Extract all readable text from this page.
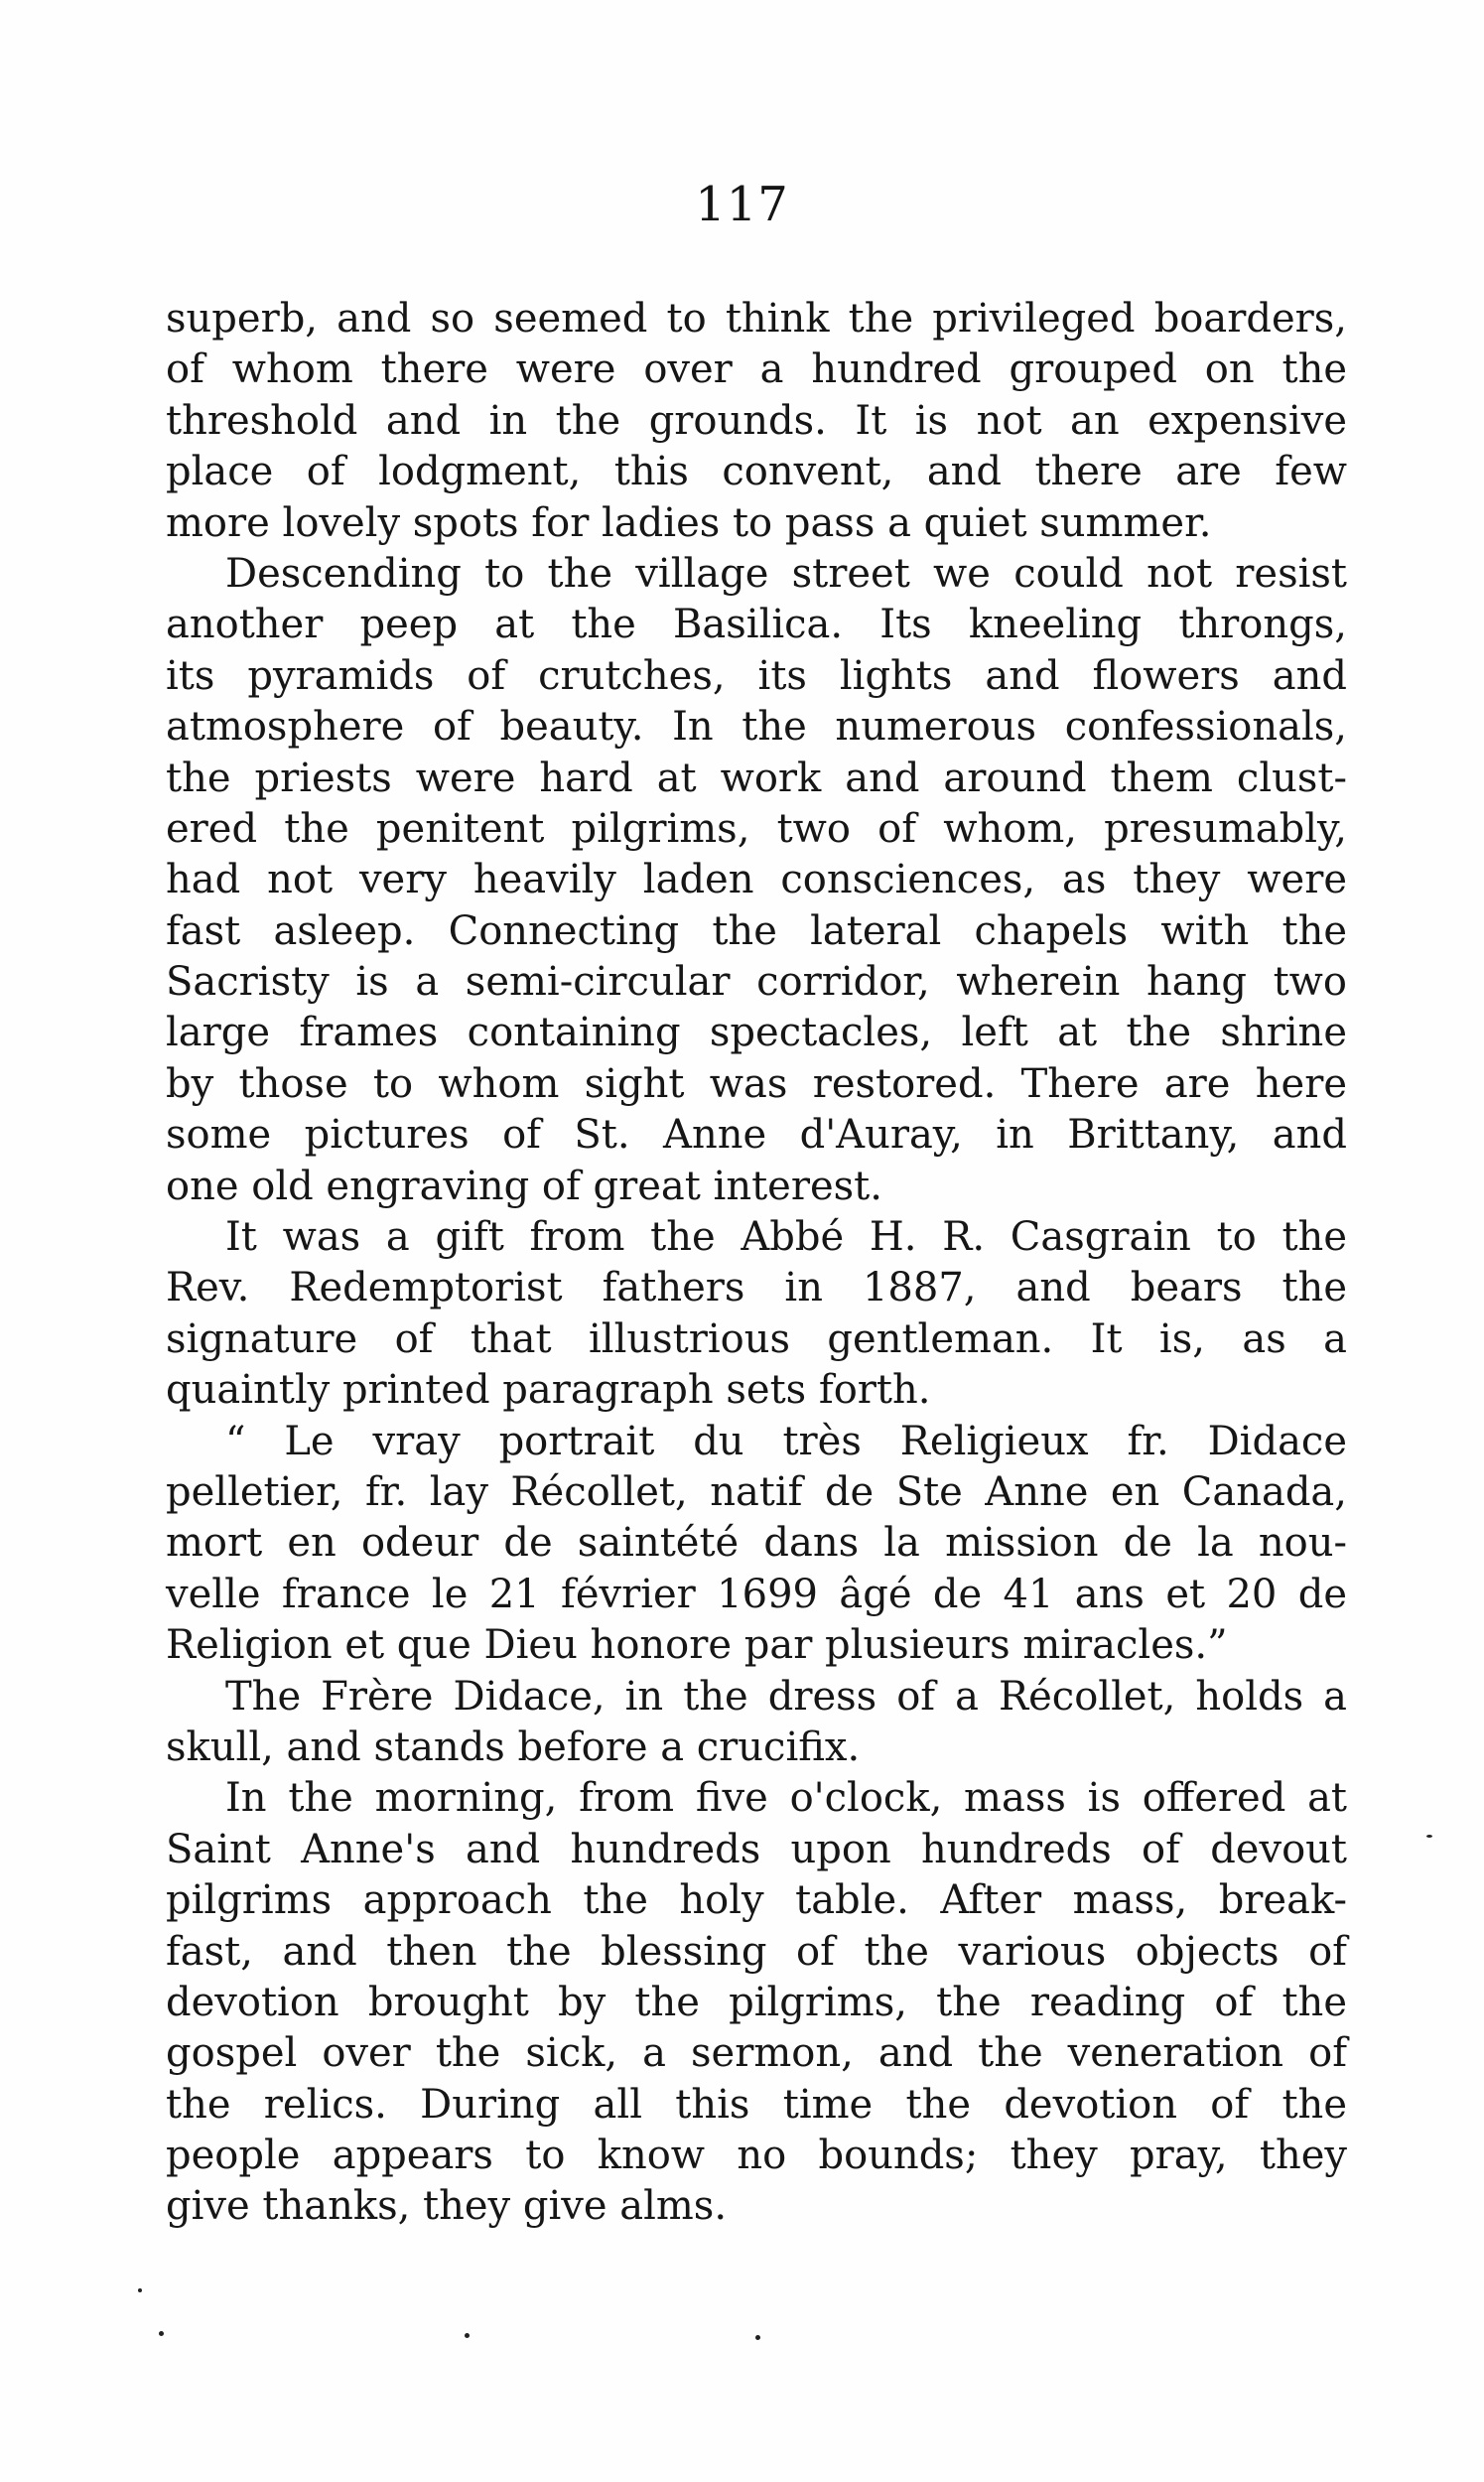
117
superb, and so seemed to think the privileged boarders,
of whom there were over a hundred grouped on the
threshold and in the grounds. It is not an expensive
place of lodgment, this convent, and there are few
more lovely spots for ladies to pass a quiet summer.
Descending to the village street we could not resist
another peep at the Basilica. Its kneeling throngs,
its pyramids of crutches, its lights and flowers and
atmosphere of beauty. In the numerous confessionals,
the priests were hard at work and around them clust-
ered the penitent pilgrims, two of whom, presumably,
had not very heavily laden consciences, as they were
fast asleep. Connecting the lateral chapels with the
Sacristy is a semi-circular corridor, wherein hang two
large frames containing spectacles, left at the shrine
by those to whom sight was restored. There are here
some pictures of St. Anne d'Auray, in Brittany, and
one old engraving of great interest.
It was a gift from the Abbé H. R. Casgrain to the
Rev. Redemptorist fathers in 1887, and bears the
signature of that illustrious gentleman. It is, as a
quaintly printed paragraph sets forth.
“ Le vray portrait du très Religieux fr. Didace
pelletier, fr. lay Récollet, natif de Ste Anne en Canada,
mort en odeur de saintété dans la mission de la nou-
velle france le 21 février 1699 âgé de 41 ans et 20 de
Religion et que Dieu honore par plusieurs miracles.”
The Frère Didace, in the dress of a Récollet, holds a
skull, and stands before a crucifix.
In the morning, from five o'clock, mass is offered at
Saint Anne's and hundreds upon hundreds of devout
pilgrims approach the holy table. After mass, break-
fast, and then the blessing of the various objects of
devotion brought by the pilgrims, the reading of the
gospel over the sick, a sermon, and the veneration of
the relics. During all this time the devotion of the
people appears to know no bounds; they pray, they
give thanks, they give alms.
